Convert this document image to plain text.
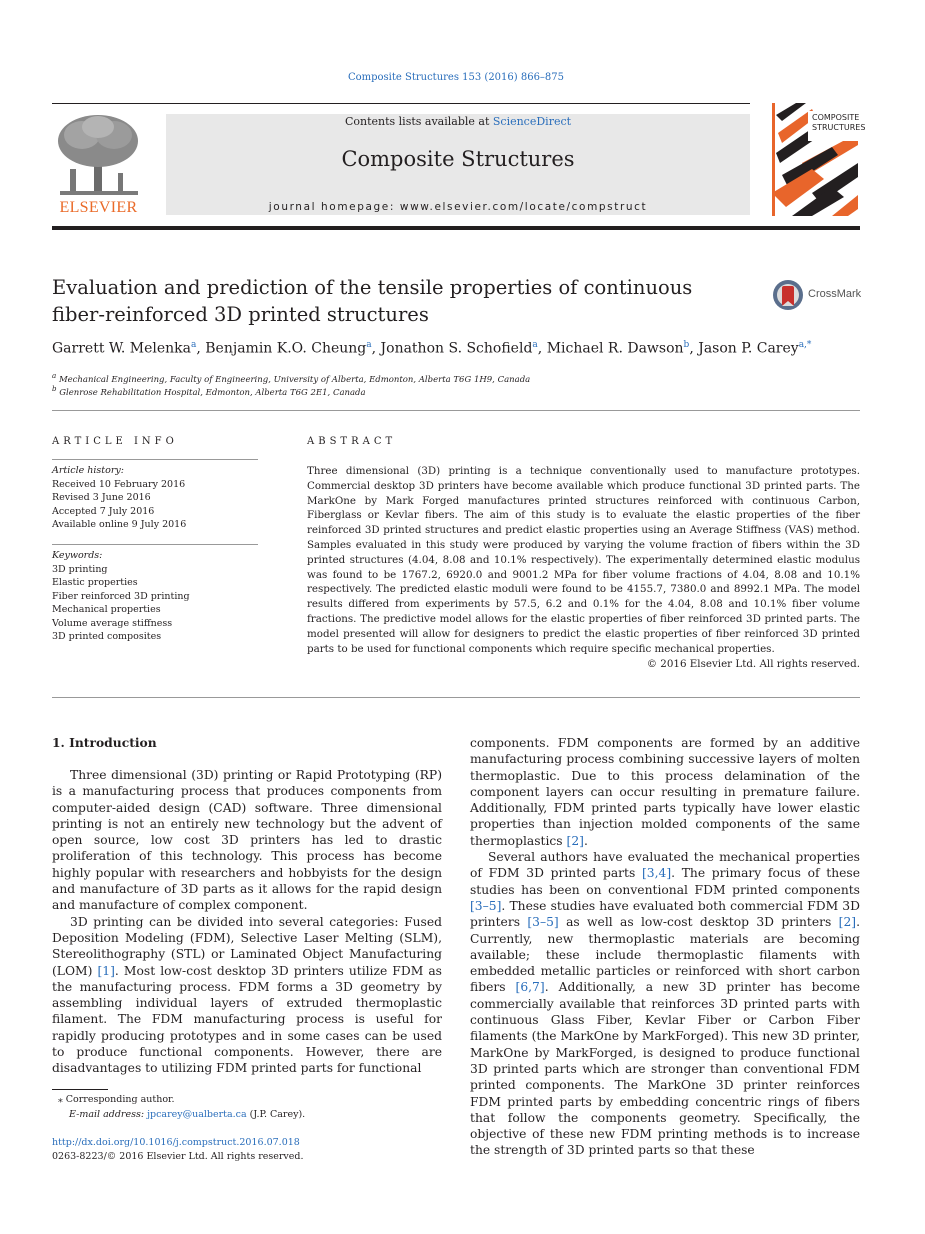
Composite Structures 153 (2016) 866–875
ELSEVIER
Contents lists available at ScienceDirect
Composite Structures
journal homepage: www.elsevier.com/locate/compstruct
COMPOSITE
STRUCTURES
Evaluation and prediction of the tensile properties of continuous
fiber-reinforced 3D printed structures
CrossMark
Garrett W. Melenka$^a$, Benjamin K.O. Cheung$^a$, Jonathon S. Schofield$^a$, Michael R. Dawson$^b$, Jason P. Carey$^{a,*}$
$^a$ Mechanical Engineering, Faculty of Engineering, University of Alberta, Edmonton, Alberta T6G 1H9, Canada
$^b$ Glenrose Rehabilitation Hospital, Edmonton, Alberta T6G 2E1, Canada
ARTICLE INFO
Article history:
Received 10 February 2016
Revised 3 June 2016
Accepted 7 July 2016
Available online 9 July 2016
Keywords:
3D printing
Elastic properties
Fiber reinforced 3D printing
Mechanical properties
Volume average stiffness
3D printed composites
ABSTRACT
Three dimensional (3D) printing is a technique conventionally used to manufacture prototypes. Commercial desktop 3D printers have become available which produce functional 3D printed parts. The MarkOne by Mark Forged manufactures printed structures reinforced with continuous Carbon, Fiberglass or Kevlar fibers. The aim of this study is to evaluate the elastic properties of the fiber reinforced 3D printed structures and predict elastic properties using an Average Stiffness (VAS) method. Samples evaluated in this study were produced by varying the volume fraction of fibers within the 3D printed structures (4.04, 8.08 and 10.1% respectively). The experimentally determined elastic modulus was found to be 1767.2, 6920.0 and 9001.2 MPa for fiber volume fractions of 4.04, 8.08 and 10.1% respectively. The predicted elastic moduli were found to be 4155.7, 7380.0 and 8992.1 MPa. The model results differed from experiments by 57.5, 6.2 and 0.1% for the 4.04, 8.08 and 10.1% fiber volume fractions. The predictive model allows for the elastic properties of fiber reinforced 3D printed parts. The model presented will allow for designers to predict the elastic properties of fiber reinforced 3D printed parts to be used for functional components which require specific mechanical properties.
© 2016 Elsevier Ltd. All rights reserved.
1. Introduction

Three dimensional (3D) printing or Rapid Prototyping (RP) is a manufacturing process that produces components from computer-aided design (CAD) software. Three dimensional printing is not an entirely new technology but the advent of open source, low cost 3D printers has led to drastic proliferation of this technology. This process has become highly popular with researchers and hobbyists for the design and manufacture of 3D parts as it allows for the rapid design and manufacture of complex component.

3D printing can be divided into several categories: Fused Deposition Modeling (FDM), Selective Laser Melting (SLM), Stereolithography (STL) or Laminated Object Manufacturing (LOM) [1]. Most low-cost desktop 3D printers utilize FDM as the manufacturing process. FDM forms a 3D geometry by assembling individual layers of extruded thermoplastic filament. The FDM manufacturing process is useful for rapidly producing prototypes and in some cases can be used to produce functional components. However, there are disadvantages to utilizing FDM printed parts for functional

components. FDM components are formed by an additive manufacturing process combining successive layers of molten thermoplastic. Due to this process delamination of the component layers can occur resulting in premature failure. Additionally, FDM printed parts typically have lower elastic properties than injection molded components of the same thermoplastics [2].

Several authors have evaluated the mechanical properties of FDM 3D printed parts [3,4]. The primary focus of these studies has been on conventional FDM printed components [3–5]. These studies have evaluated both commercial FDM 3D printers [3–5] as well as low-cost desktop 3D printers [2]. Currently, new thermoplastic materials are becoming available; these include thermoplastic filaments with embedded metallic particles or reinforced with short carbon fibers [6,7]. Additionally, a new 3D printer has become commercially available that reinforces 3D printed parts with continuous Glass Fiber, Kevlar Fiber or Carbon Fiber filaments (the MarkOne by MarkForged). This new 3D printer, MarkOne by MarkForged, is designed to produce functional 3D printed parts which are stronger than conventional FDM printed components. The MarkOne 3D printer reinforces FDM printed parts by embedding concentric rings of fibers that follow the components geometry. Specifically, the objective of these new FDM printing methods is to increase the strength of 3D printed parts so that these

⁎ Corresponding author.
E-mail address: jpcarey@ualberta.ca (J.P. Carey).
http://dx.doi.org/10.1016/j.compstruct.2016.07.018
0263-8223/© 2016 Elsevier Ltd. All rights reserved.
